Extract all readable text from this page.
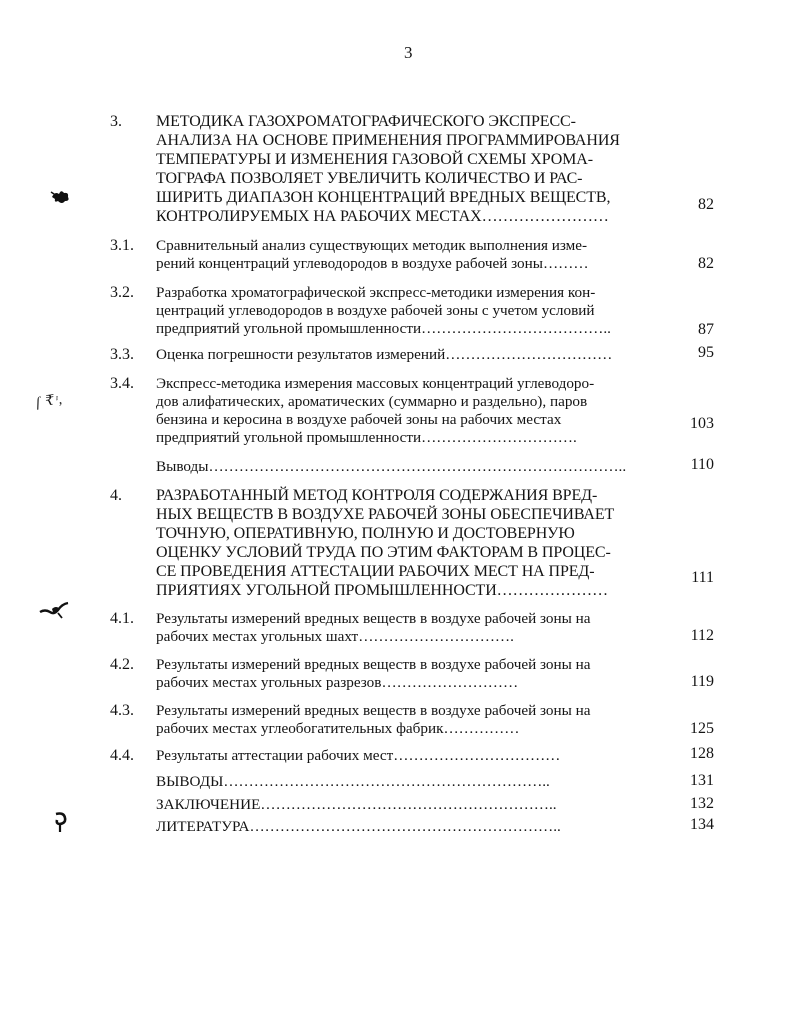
3
3. МЕТОДИКА ГАЗОХРОМАТОГРАФИЧЕСКОГО ЭКСПРЕСС-
АНАЛИЗА НА ОСНОВЕ ПРИМЕНЕНИЯ ПРОГРАММИРОВАНИЯ
ТЕМПЕРАТУРЫ И ИЗМЕНЕНИЯ ГАЗОВОЙ СХЕМЫ ХРОМА-
ТОГРАФА ПОЗВОЛЯЕТ УВЕЛИЧИТЬ КОЛИЧЕСТВО И РАС-
ШИРИТЬ ДИАПАЗОН КОНЦЕНТРАЦИЙ ВРЕДНЫХ ВЕЩЕСТВ,
КОНТРОЛИРУЕМЫХ НА РАБОЧИХ МЕСТАХ……………………
82
3.1. Сравнительный анализ существующих методик выполнения изме-
рений концентраций углеводородов в воздухе рабочей зоны………	82
3.2. Разработка хроматографической экспресс-методики измерения кон-
центраций углеводородов в воздухе рабочей зоны с учетом условий
предприятий угольной промышленности………………………………..	87
3.3. Оценка погрешности результатов измерений……………………………	95
3.4. Экспресс-методика измерения массовых концентраций углеводоро-
дов алифатических, ароматических (суммарно и раздельно), паров
бензина и керосина в воздухе рабочей зоны на рабочих местах
предприятий угольной промышленности………………………….
103
Выводы………………………………………………………………………..	110
4. РАЗРАБОТАННЫЙ МЕТОД КОНТРОЛЯ СОДЕРЖАНИЯ ВРЕД-
НЫХ ВЕЩЕСТВ В ВОЗДУХЕ РАБОЧЕЙ ЗОНЫ ОБЕСПЕЧИВАЕТ
ТОЧНУЮ, ОПЕРАТИВНУЮ, ПОЛНУЮ И ДОСТОВЕРНУЮ
ОЦЕНКУ УСЛОВИЙ ТРУДА ПО ЭТИМ ФАКТОРАМ В ПРОЦЕС-
СЕ ПРОВЕДЕНИЯ АТТЕСТАЦИИ РАБОЧИХ МЕСТ НА ПРЕД-
ПРИЯТИЯХ УГОЛЬНОЙ ПРОМЫШЛЕННОСТИ…………………
111
4.1. Результаты измерений вредных веществ в воздухе рабочей зоны на
рабочих местах угольных шахт………………………….	112
4.2. Результаты измерений вредных веществ в воздухе рабочей зоны на
рабочих местах угольных разрезов………………………	119
4.3. Результаты измерений вредных веществ в воздухе рабочей зоны на
рабочих местах углеобогатительных фабрик……………	125
4.4. Результаты аттестации рабочих мест……………………………	128
ВЫВОДЫ………………………………………………………..	131
ЗАКЛЮЧЕНИЕ…………………………………………………..	132
ЛИТЕРАТУРА……………………………………………………..	134
ſ ₹ᶦ,
